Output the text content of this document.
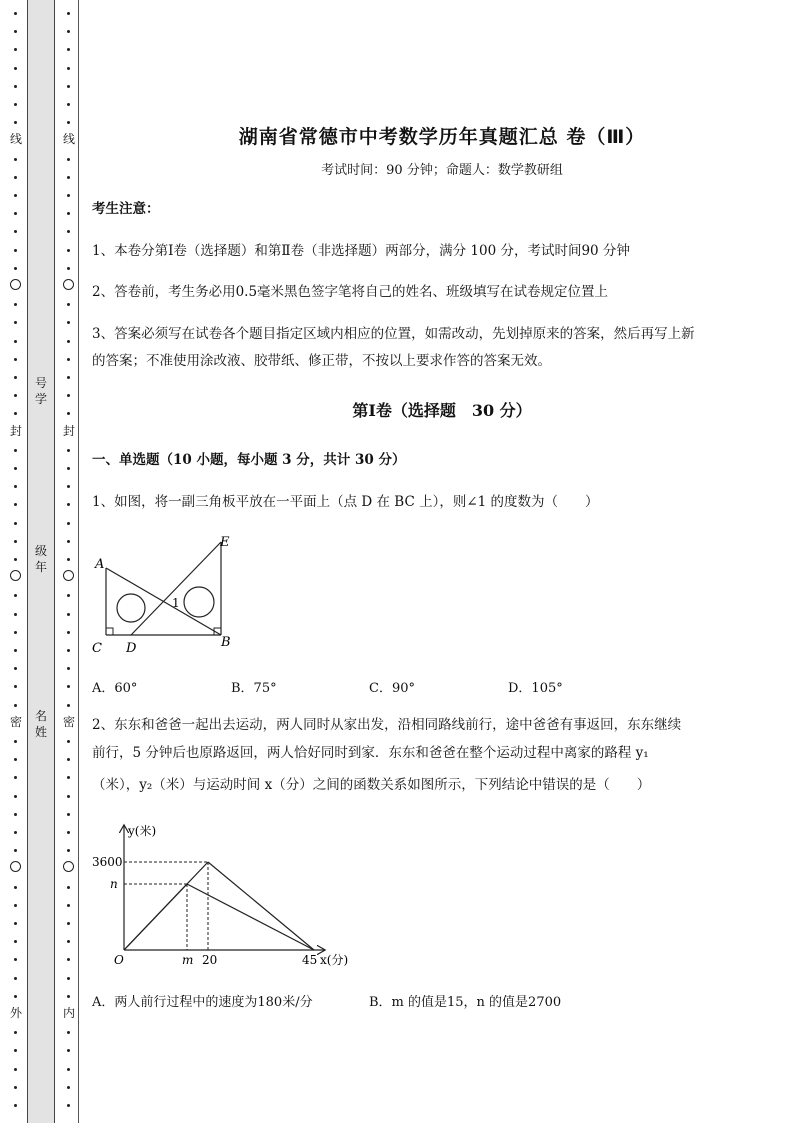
线
封
密
外
号学
级年
名姓
线
封
密
内
湖南省常德市中考数学历年真题汇总 卷（Ⅲ）
考试时间：90 分钟；命题人：数学教研组
考生注意：
1、本卷分第Ⅰ卷（选择题）和第Ⅱ卷（非选择题）两部分，满分 100 分，考试时间90 分钟
2、答卷前，考生务必用0.5毫米黑色签字笔将自己的姓名、班级填写在试卷规定位置上
3、答案必须写在试卷各个题目指定区域内相应的位置，如需改动，先划掉原来的答案，然后再写上新
的答案；不准使用涂改液、胶带纸、修正带，不按以上要求作答的答案无效。
第Ⅰ卷（选择题　30 分）
一、单选题（10 小题，每小题 3 分，共计 30 分）
1、如图，将一副三角板平放在一平面上（点 D 在 BC 上），则∠1 的度数为（　　）
A
E
C D	B
1
A．60°	B．75°	C．90°	D．105°
2、东东和爸爸一起出去运动，两人同时从家出发，沿相同路线前行，途中爸爸有事返回，东东继续
前行，5 分钟后也原路返回，两人恰好同时到家．东东和爸爸在整个运动过程中离家的路程 y₁
（米），y₂（米）与运动时间 x（分）之间的函数关系如图所示，下列结论中错误的是（　　）
y(米)
3600
n
O	m 20	45 x(分)
A．两人前行过程中的速度为180米/分	B．m 的值是15，n 的值是2700
